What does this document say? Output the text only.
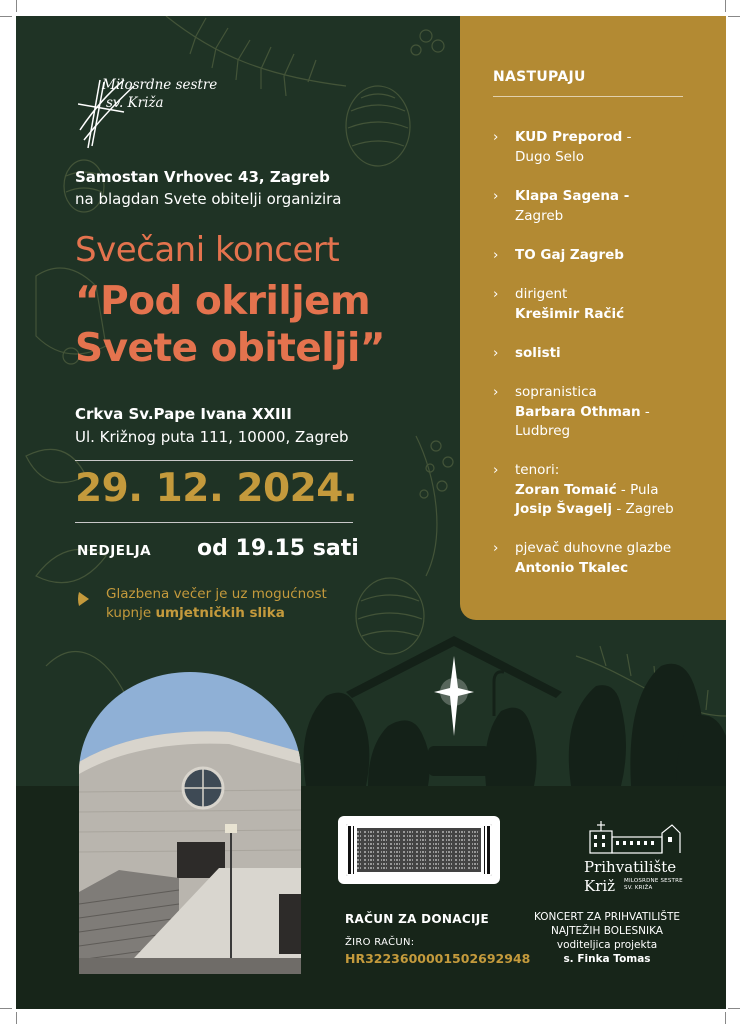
Milosrdne sestre
sv. Križa
Samostan Vrhovec 43, Zagreb
na blagdan Svete obitelji organizira
Svečani koncert
“Pod okriljem
Svete obitelji”
Crkva Sv.Pape Ivana XXIII
Ul. Križnog puta 111, 10000, Zagreb
29. 12. 2024.
NEDJELJA od 19.15 sati
Glazbena večer je uz mogućnost
kupnje umjetničkih slika
NASTUPAJU
›	KUD Preporod -
Dugo Selo
›	Klapa Sagena -
Zagreb
›	TO Gaj Zagreb
›	dirigent
Krešimir Račić
›	solisti
›	sopranistica
Barbara Othman -
Ludbreg
›	tenori:
Zoran Tomaić - Pula
Josip Švagelj - Zagreb
›	pjevač duhovne glazbe
Antonio Tkalec
RAČUN ZA DONACIJE
ŽIRO RAČUN:
HR3223600001502692948
Prihvatilište
Križ MILOSRDNE SESTRE
SV. KRIŽA
KONCERT ZA PRIHVATILIŠTE
NAJTEŽIH BOLESNIKA
voditeljica projekta
s. Finka Tomas
